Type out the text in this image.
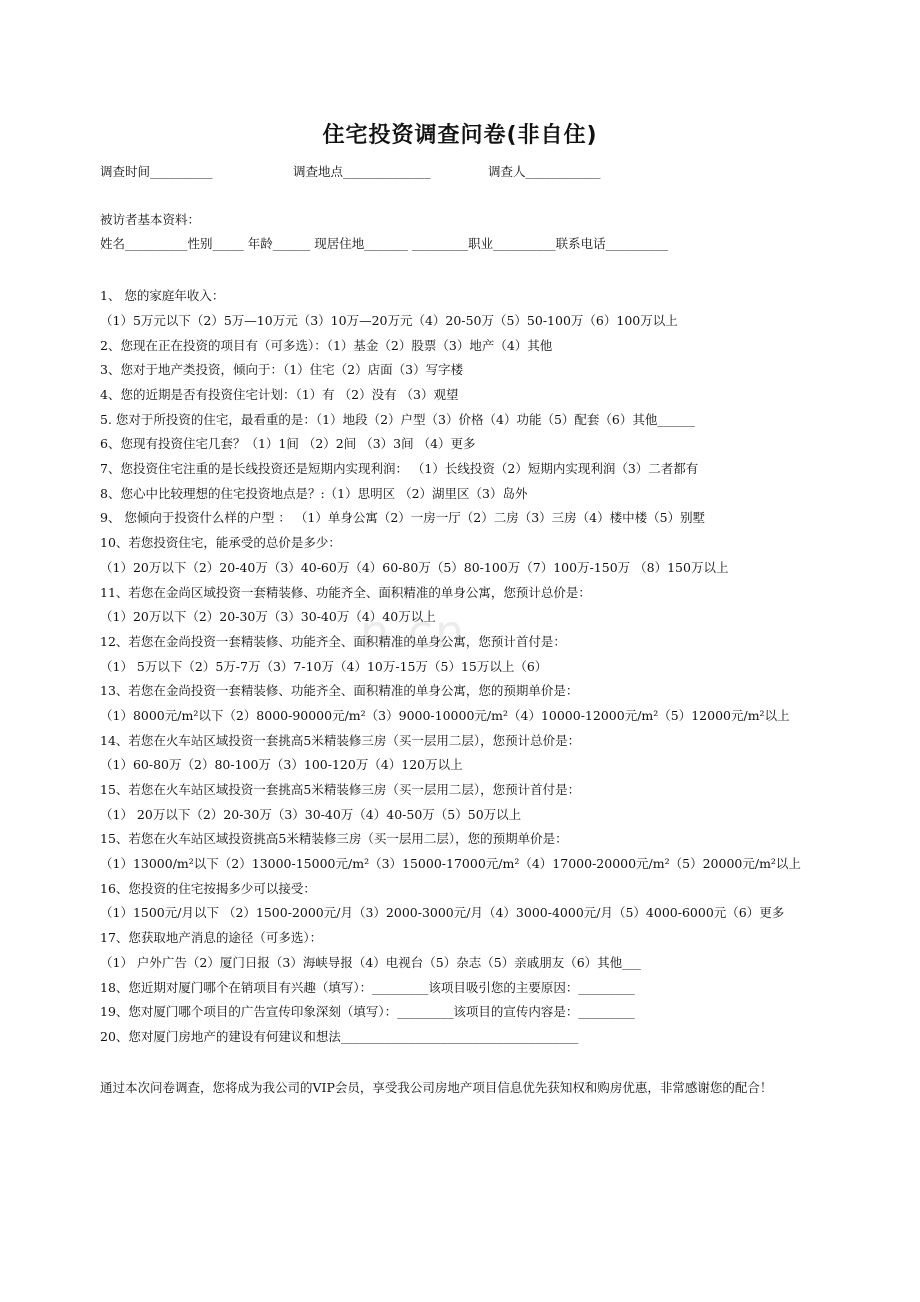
n.cn
住宅投资调查问卷(非自住)
调查时间__________	调查地点______________	调查人____________
被访者基本资料：
姓名__________性别_____ 年龄______ 现居住地_______ _________职业__________联系电话__________
1、 您的家庭年收入：
（1）5万元以下（2）5万—10万元（3）10万—20万元（4）20-50万（5）50-100万（6）100万以上
2、您现在正在投资的项目有（可多选）：（1）基金（2）股票（3）地产（4）其他
3、您对于地产类投资，倾向于：（1）住宅（2）店面（3）写字楼
4、您的近期是否有投资住宅计划：（1）有 （2）没有 （3）观望
5. 您对于所投资的住宅，最看重的是：（1）地段（2）户型（3）价格（4）功能（5）配套（6）其他______
6、您现有投资住宅几套？（1）1间 （2）2间 （3）3间 （4）更多
7、您投资住宅注重的是长线投资还是短期内实现利润： （1）长线投资（2）短期内实现利润（3）二者都有
8、您心中比较理想的住宅投资地点是？:（1）思明区 （2）湖里区（3）岛外
9、 您倾向于投资什么样的户型 ： （1）单身公寓（2）一房一厅（2）二房（3）三房（4）楼中楼（5）别墅
10、若您投资住宅，能承受的总价是多少：
（1）20万以下（2）20-40万（3）40-60万（4）60-80万（5）80-100万（7）100万-150万 （8）150万以上
11、若您在金尚区域投资一套精装修、功能齐全、面积精准的单身公寓，您预计总价是：
（1）20万以下（2）20-30万（3）30-40万（4）40万以上
12、若您在金尚投资一套精装修、功能齐全、面积精准的单身公寓，您预计首付是：
（1） 5万以下（2）5万-7万（3）7-10万（4）10万-15万（5）15万以上（6）
13、若您在金尚投资一套精装修、功能齐全、面积精准的单身公寓，您的预期单价是：
（1）8000元/m²以下（2）8000-90000元/m²（3）9000-10000元/m²（4）10000-12000元/m²（5）12000元/m²以上
14、若您在火车站区域投资一套挑高5米精装修三房（买一层用二层），您预计总价是：
（1）60-80万（2）80-100万（3）100-120万（4）120万以上
15、若您在火车站区域投资一套挑高5米精装修三房（买一层用二层），您预计首付是：
（1） 20万以下（2）20-30万（3）30-40万（4）40-50万（5）50万以上
15、若您在火车站区域投资挑高5米精装修三房（买一层用二层），您的预期单价是：
（1）13000/m²以下（2）13000-15000元/m²（3）15000-17000元/m²（4）17000-20000元/m²（5）20000元/m²以上
16、您投资的住宅按揭多少可以接受：
（1）1500元/月以下 （2）1500-2000元/月（3）2000-3000元/月（4）3000-4000元/月（5）4000-6000元（6）更多
17、您获取地产消息的途径（可多选）：
（1） 户外广告（2）厦门日报（3）海峡导报（4）电视台（5）杂志（5）亲戚朋友（6）其他___
18、您近期对厦门哪个在销项目有兴趣（填写）：_________该项目吸引您的主要原因：_________
19、您对厦门哪个项目的广告宣传印象深刻（填写）：_________该项目的宣传内容是：_________
20、您对厦门房地产的建设有何建议和想法______________________________________
通过本次问卷调查，您将成为我公司的VIP会员，享受我公司房地产项目信息优先获知权和购房优惠，非常感谢您的配合！
